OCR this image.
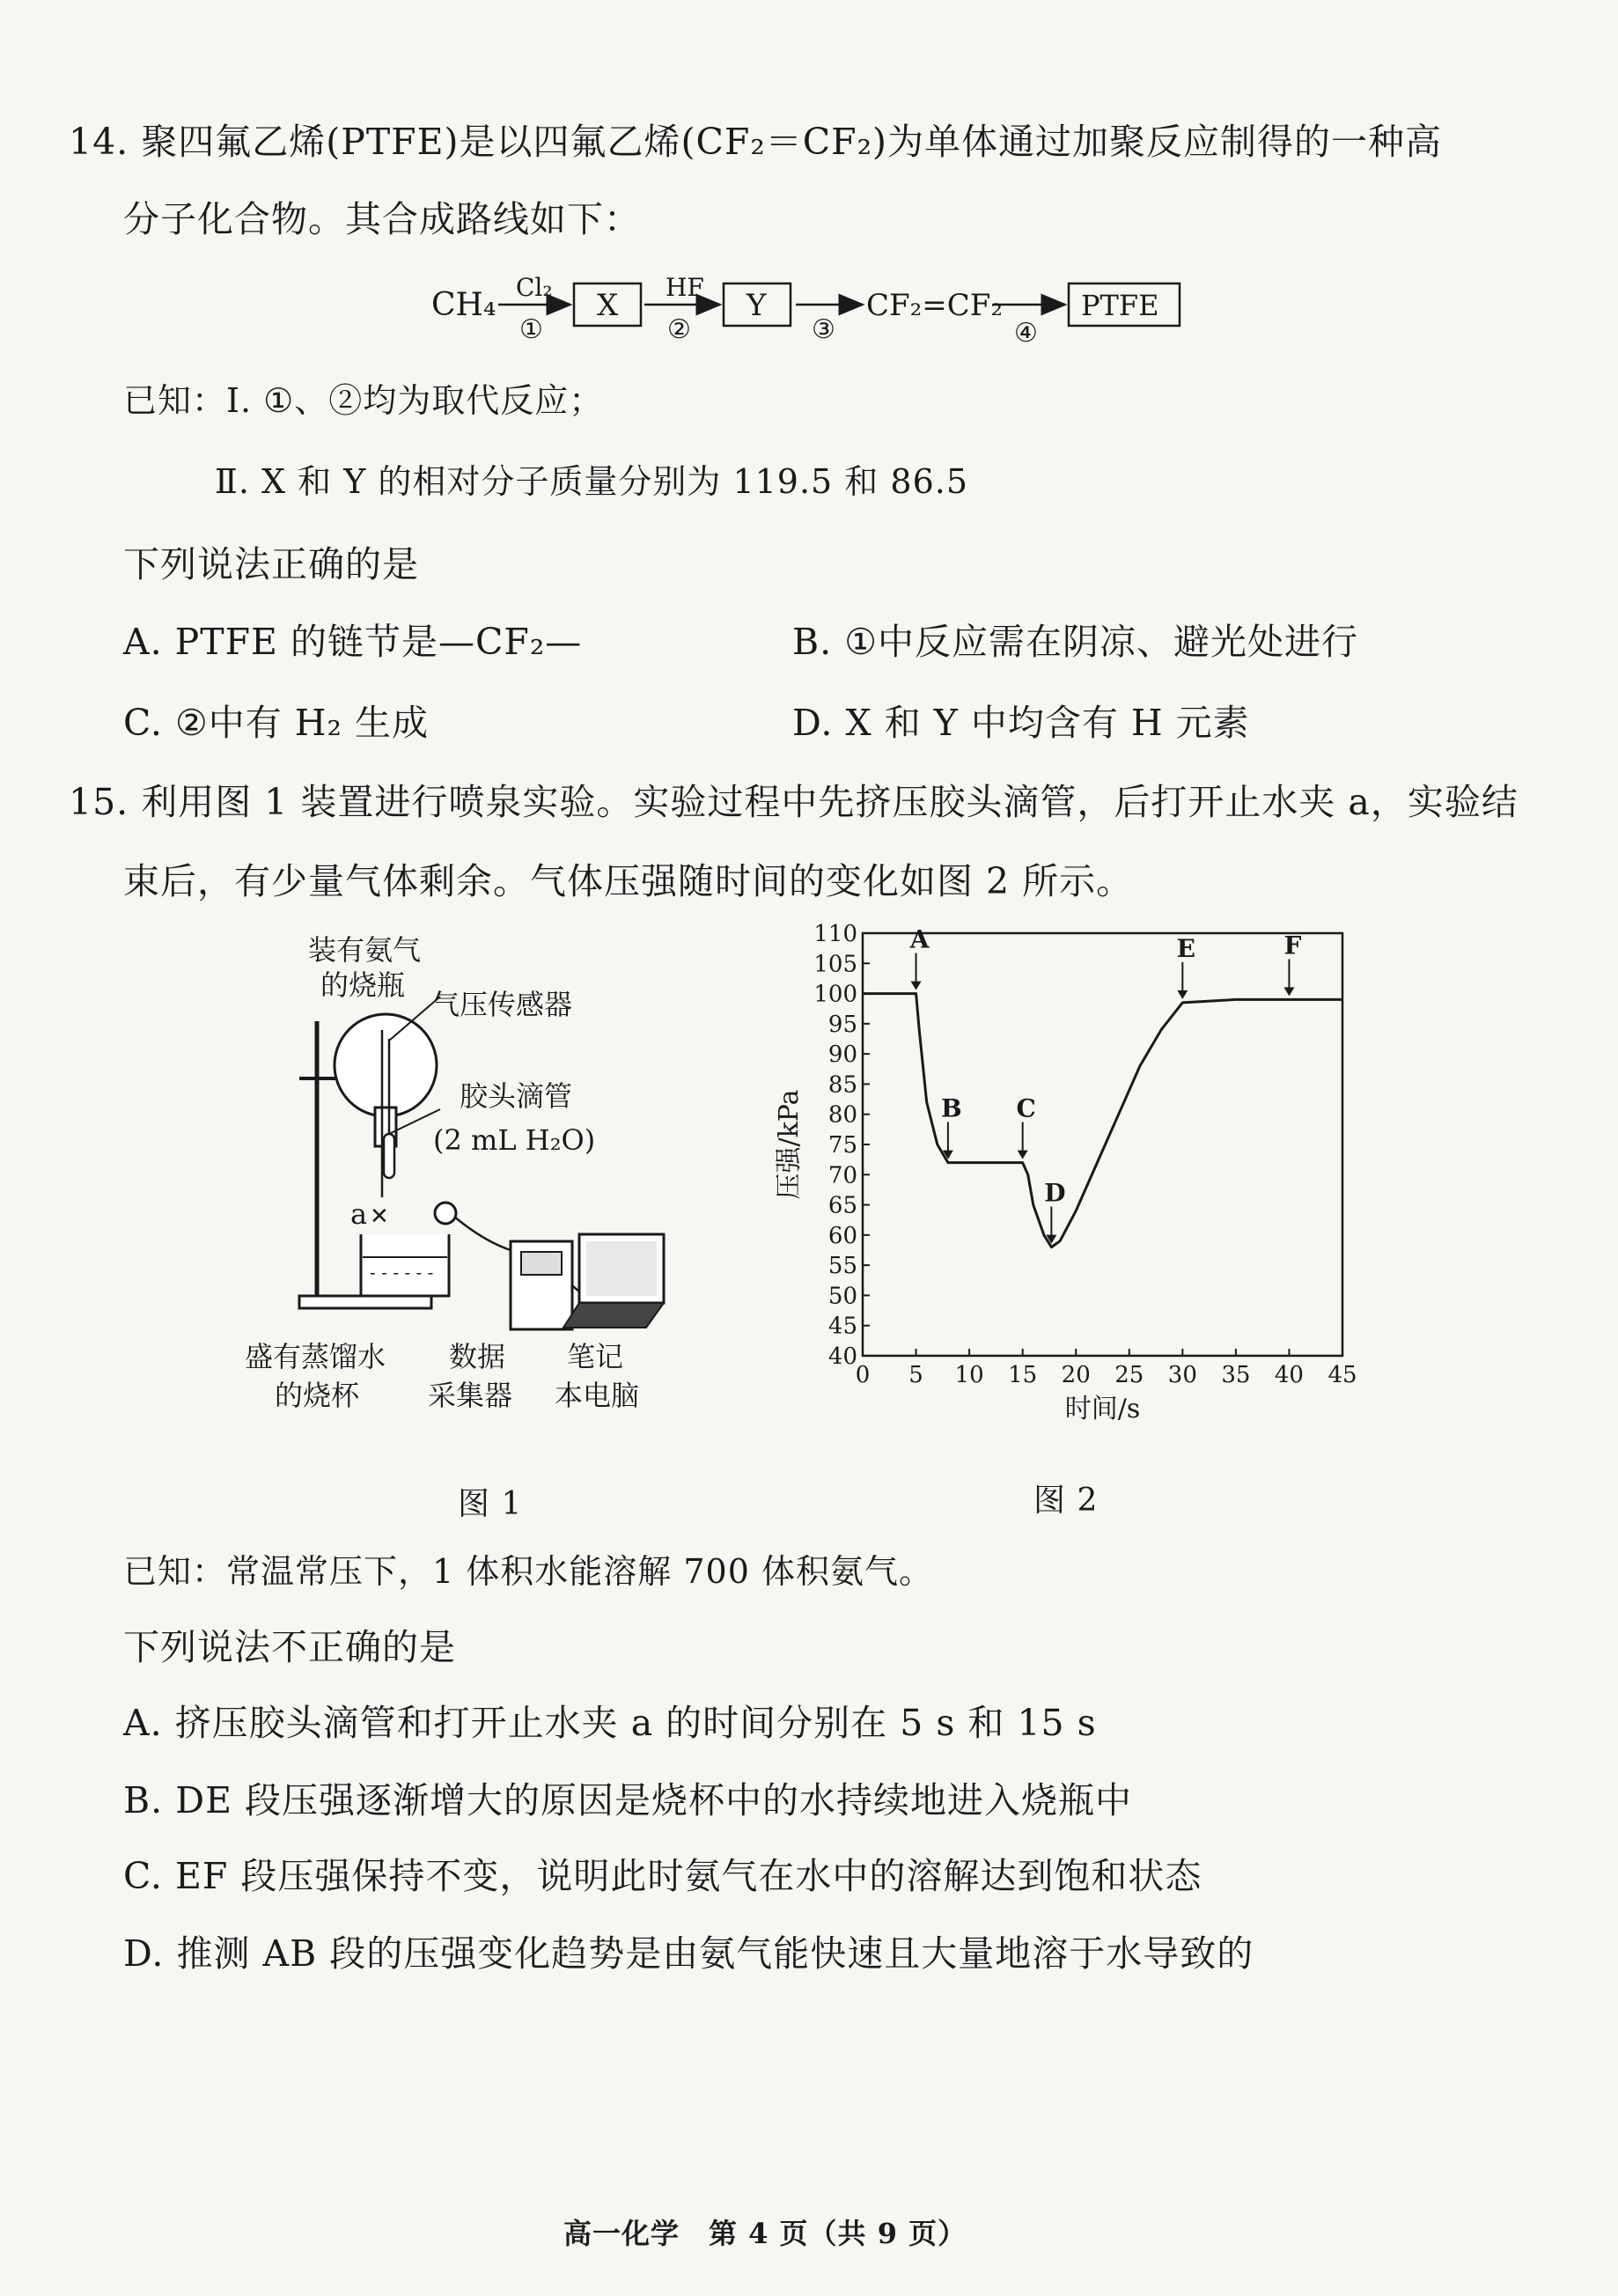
14. 聚四氟乙烯(PTFE)是以四氟乙烯(CF₂＝CF₂)为单体通过加聚反应制得的一种高
分子化合物。其合成路线如下：
CH₄ Cl₂
①
X
HF
②
Y
③
CF₂=CF₂
④
PTFE
已知：Ⅰ. ①、②均为取代反应；
Ⅱ. X 和 Y 的相对分子质量分别为 119.5 和 86.5
下列说法正确的是
A. PTFE 的链节是—CF₂—	B. ①中反应需在阴凉、避光处进行
C. ②中有 H₂ 生成	D. X 和 Y 中均含有 H 元素
15. 利用图 1 装置进行喷泉实验。实验过程中先挤压胶头滴管，后打开止水夹 a，实验结
束后，有少量气体剩余。气体压强随时间的变化如图 2 所示。
a ✕
- - - - - -
装有氨气
的烧瓶
气压传感器
胶头滴管
(2 mL H₂O)
盛有蒸馏水
的烧杯
数据
采集器
笔记
本电脑
图 1
40
45
50
55
60
65
70
75
80
85
90
95
100
105
110
0 5 10 15 20 25 30 35 40 45
时间/s
压强/kPa
A
B C
D
E	F
图 2
已知：常温常压下，1 体积水能溶解 700 体积氨气。
下列说法不正确的是
A. 挤压胶头滴管和打开止水夹 a 的时间分别在 5 s 和 15 s
B. DE 段压强逐渐增大的原因是烧杯中的水持续地进入烧瓶中
C. EF 段压强保持不变，说明此时氨气在水中的溶解达到饱和状态
D. 推测 AB 段的压强变化趋势是由氨气能快速且大量地溶于水导致的
高一化学　第 4 页（共 9 页）
